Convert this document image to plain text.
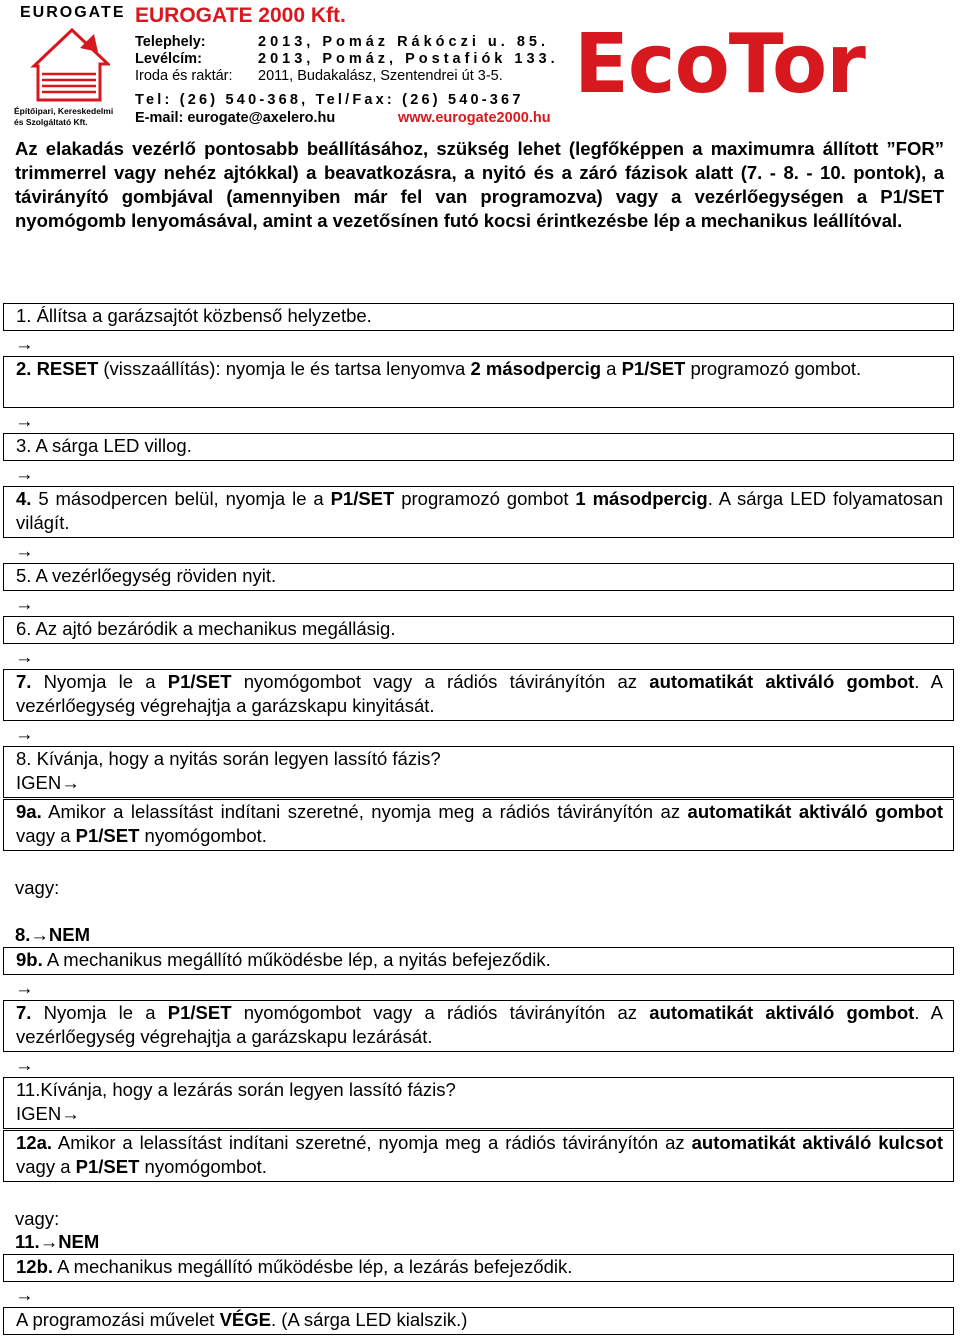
EUROGATE
Építőipari, Kereskedelmi
és Szolgáltató Kft.
EUROGATE 2000 Kft.
Telephely:	2013, Pomáz Rákóczi u. 85.
Levélcím:	2013, Pomáz, Postafiók 133.
Iroda és raktár: 2011, Budakalász, Szentendrei út 3-5.
Tel: (26) 540-368, Tel/Fax: (26) 540-367
E-mail: eurogate@axelero.hu	www.eurogate2000.hu
EcoTor
Az elakadás vezérlő pontosabb beállításához, szükség lehet (legfőképpen a maximumra állított ”FOR” trimmerrel vagy nehéz ajtókkal) a beavatkozásra, a nyitó és a záró fázisok alatt (7. - 8. - 10. pontok), a távirányító gombjával (amennyiben már fel van programozva) vagy a vezérlőegységen a P1/SET nyomógomb lenyomásával, amint a vezetősínen futó kocsi érintkezésbe lép a mechanikus leállítóval.
1. Állítsa a garázsajtót közbenső helyzetbe.
→
2. RESET (visszaállítás): nyomja le és tartsa lenyomva 2 másodpercig a P1/SET programozó gombot.
→
3. A sárga LED villog.
→
4. 5 másodpercen belül, nyomja le a P1/SET programozó gombot 1 másodpercig. A sárga LED folyamatosan világít.
→
5. A vezérlőegység röviden nyit.
→
6. Az ajtó bezáródik a mechanikus megállásig.
→
7. Nyomja le a P1/SET nyomógombot vagy a rádiós távirányítón az automatikát aktiváló gombot. A vezérlőegység végrehajtja a garázskapu kinyitását.
→
8. Kívánja, hogy a nyitás során legyen lassító fázis?
IGEN→
9a. Amikor a lelassítást indítani szeretné, nyomja meg a rádiós távirányítón az automatikát aktiváló gombot vagy a P1/SET nyomógombot.
vagy:
8.→NEM
9b. A mechanikus megállító működésbe lép, a nyitás befejeződik.
→
7. Nyomja le a P1/SET nyomógombot vagy a rádiós távirányítón az automatikát aktiváló gombot. A vezérlőegység végrehajtja a garázskapu lezárását.
→
11.Kívánja, hogy a lezárás során legyen lassító fázis?
IGEN→
12a. Amikor a lelassítást indítani szeretné, nyomja meg a rádiós távirányítón az automatikát aktiváló kulcsot vagy a P1/SET nyomógombot.
vagy:
11.→NEM
12b. A mechanikus megállító működésbe lép, a lezárás befejeződik.
→
A programozási művelet VÉGE. (A sárga LED kialszik.)
